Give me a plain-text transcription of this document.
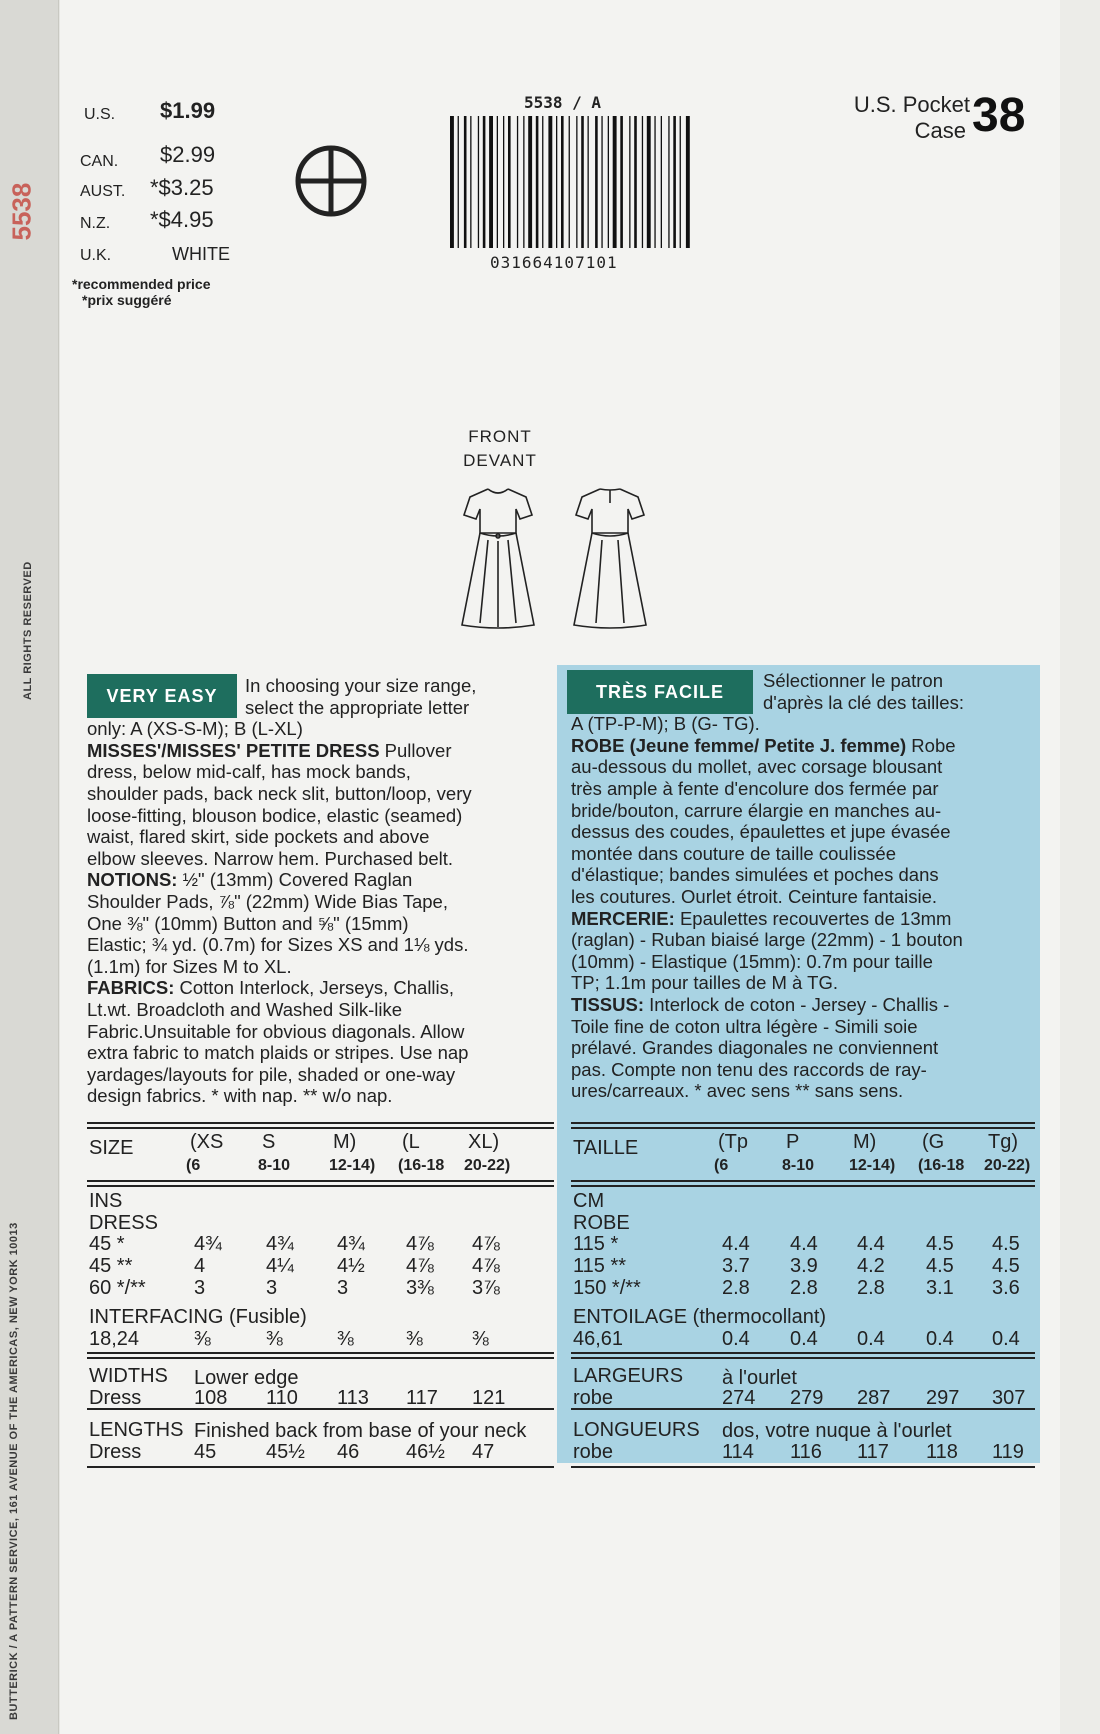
BUTTERICK / A PATTERN SERVICE, 161 AVENUE OF THE AMERICAS, NEW YORK 10013
ALL RIGHTS RESERVED
5538
U.S. $1.99
CAN. $2.99
AUST. *$3.25
N.Z. *$4.95
U.K.	WHITE
*recommended price
*prix suggéré
5538 / A
031664107101
U.S. Pocket
Case 38
FRONT
DEVANT
VERY EASY	In choosing your size range,
select the appropriate letter
only: A (XS-S-M); B (L-XL)
MISSES'/MISSES' PETITE DRESS Pullover
dress, below mid-calf, has mock bands,
shoulder pads, back neck slit, button/loop, very
loose-fitting, blouson bodice, elastic (seamed)
waist, flared skirt, side pockets and above
elbow sleeves. Narrow hem. Purchased belt.
NOTIONS: ½" (13mm) Covered Raglan
Shoulder Pads, ⅞" (22mm) Wide Bias Tape,
One ⅜" (10mm) Button and ⅝" (15mm)
Elastic; ¾ yd. (0.7m) for Sizes XS and 1⅛ yds.
(1.1m) for Sizes M to XL.
FABRICS: Cotton Interlock, Jerseys, Challis,
Lt.wt. Broadcloth and Washed Silk-like
Fabric.Unsuitable for obvious diagonals. Allow
extra fabric to match plaids or stripes. Use nap
yardages/layouts for pile, shaded or one-way
design fabrics. * with nap. ** w/o nap.
TRÈS FACILE
Sélectionner le patron
d'après la clé des tailles:
A (TP-P-M); B (G- TG).
ROBE (Jeune femme/ Petite J. femme) Robe
au-dessous du mollet, avec corsage blousant
très ample à fente d'encolure dos fermée par
bride/bouton, carrure élargie en manches au-
dessus des coudes, épaulettes et jupe évasée
montée dans couture de taille coulissée
d'élastique; bandes simulées et poches dans
les coutures. Ourlet étroit. Ceinture fantaisie.
MERCERIE: Epaulettes recouvertes de 13mm
(raglan) - Ruban biaisé large (22mm) - 1 bouton
(10mm) - Elastique (15mm): 0.7m pour taille
TP; 1.1m pour tailles de M à TG.
TISSUS: Interlock de coton - Jersey - Challis -
Toile fine de coton ultra légère - Simili soie
prélavé. Grandes diagonales ne conviennent
pas. Compte non tenu des raccords de ray-
ures/carreaux. * avec sens ** sans sens.
SIZE	(XS S	M) (L XL)
(6	8-10 12-14) (16-18 20-22)
INS
DRESS
45 *	4¾ 4¾ 4¾ 4⅞ 4⅞
45 **	4	4¼ 4½ 4⅞ 4⅞
60 */** 3	3	3	3⅜ 3⅞
INTERFACING (Fusible)
18,24	⅜	⅜	⅜	⅜ ⅜
WIDTHS Lower edge
Dress	108 110 113 117 121
LENGTHS Finished back from base of your neck
Dress	45 45½ 46 46½ 47
TAILLE	(Tp P	M) (G Tg)
(6	8-10 12-14) (16-18 20-22)
CM
ROBE
115 *	4.4 4.4 4.4 4.5 4.5
115 **	3.7 3.9 4.2 4.5 4.5
150 */**	2.8 2.8 2.8 3.1 3.6
ENTOILAGE (thermocollant)
46,61	0.4 0.4 0.4 0.4 0.4
LARGEURS à l'ourlet
robe	274 279 287 297 307
LONGUEURS dos, votre nuque à l'ourlet
robe	114 116 117 118 119
